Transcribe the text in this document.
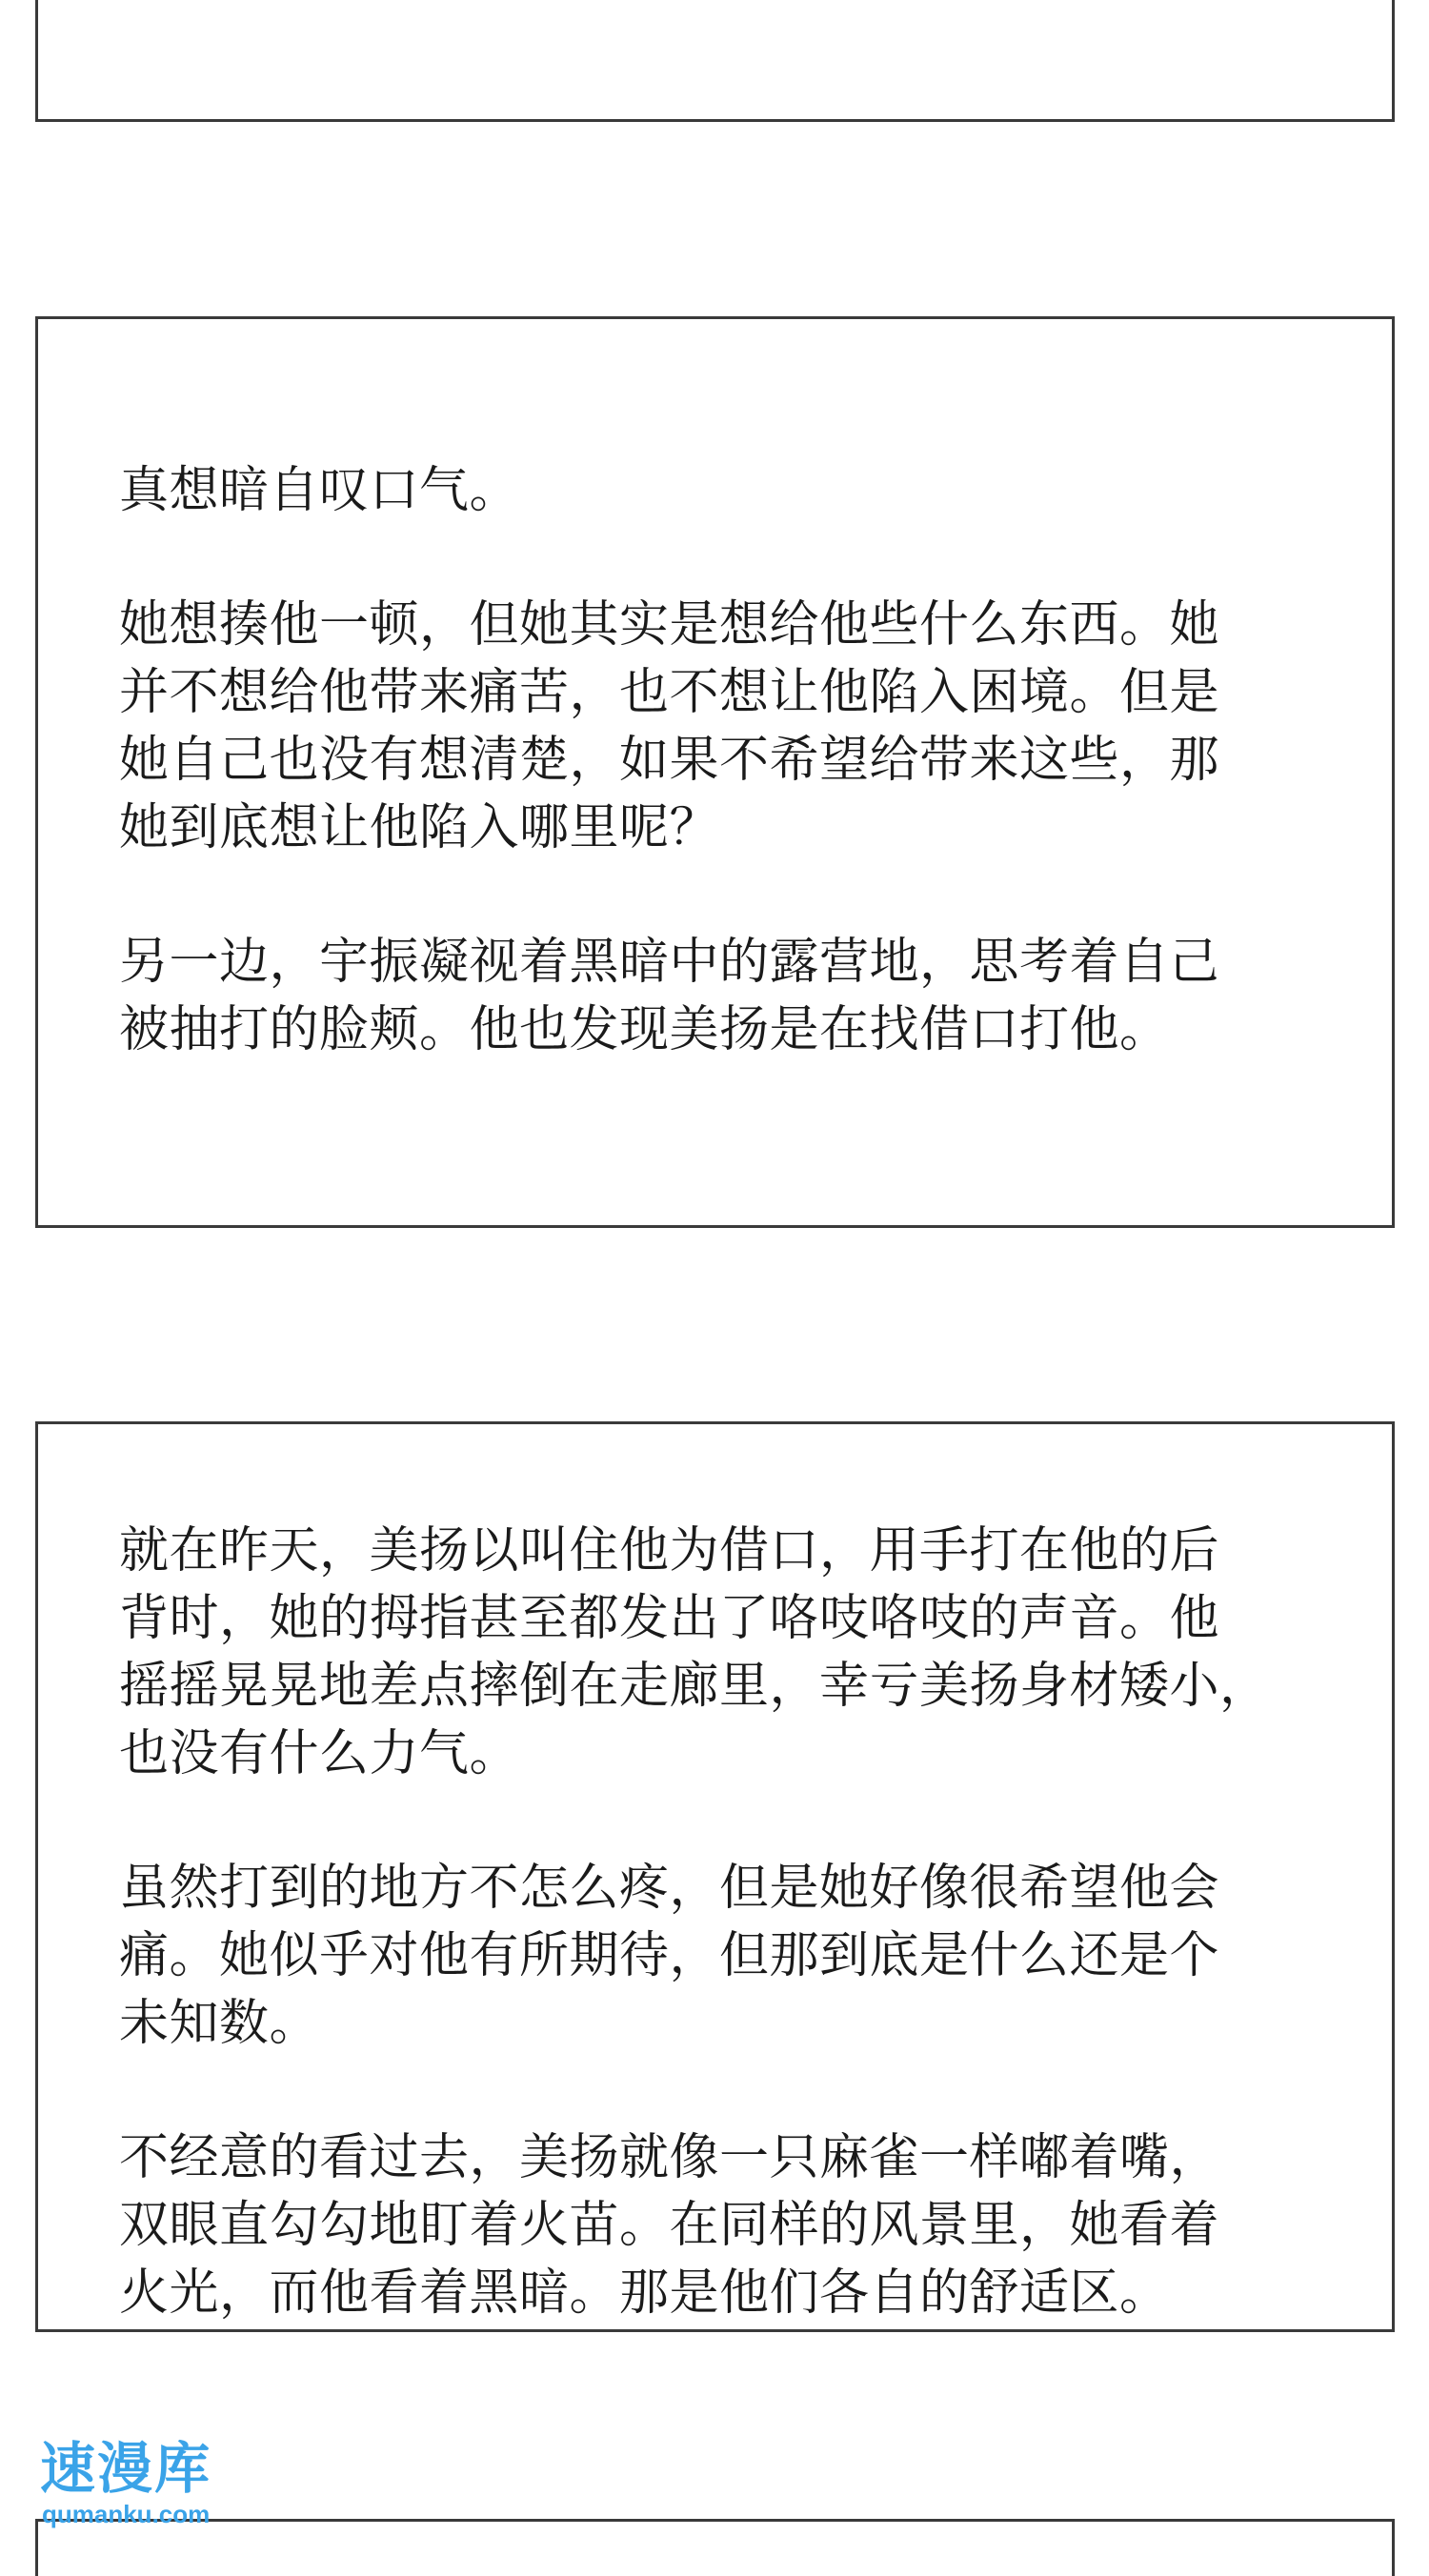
真想暗自叹口气。

她想揍他一顿，但她其实是想给他些什么东西。她
并不想给他带来痛苦，也不想让他陷入困境。但是
她自己也没有想清楚，如果不希望给带来这些，那
她到底想让他陷入哪里呢？

另一边，宇振凝视着黑暗中的露营地，思考着自己
被抽打的脸颊。他也发现美扬是在找借口打他。

就在昨天，美扬以叫住他为借口，用手打在他的后
背时，她的拇指甚至都发出了咯吱咯吱的声音。他
摇摇晃晃地差点摔倒在走廊里，幸亏美扬身材矮小，
也没有什么力气。

虽然打到的地方不怎么疼，但是她好像很希望他会
痛。她似乎对他有所期待，但那到底是什么还是个
未知数。

不经意的看过去，美扬就像一只麻雀一样嘟着嘴，
双眼直勾勾地盯着火苗。在同样的风景里，她看着
火光，而他看着黑暗。那是他们各自的舒适区。

速漫库
qumanku.com
